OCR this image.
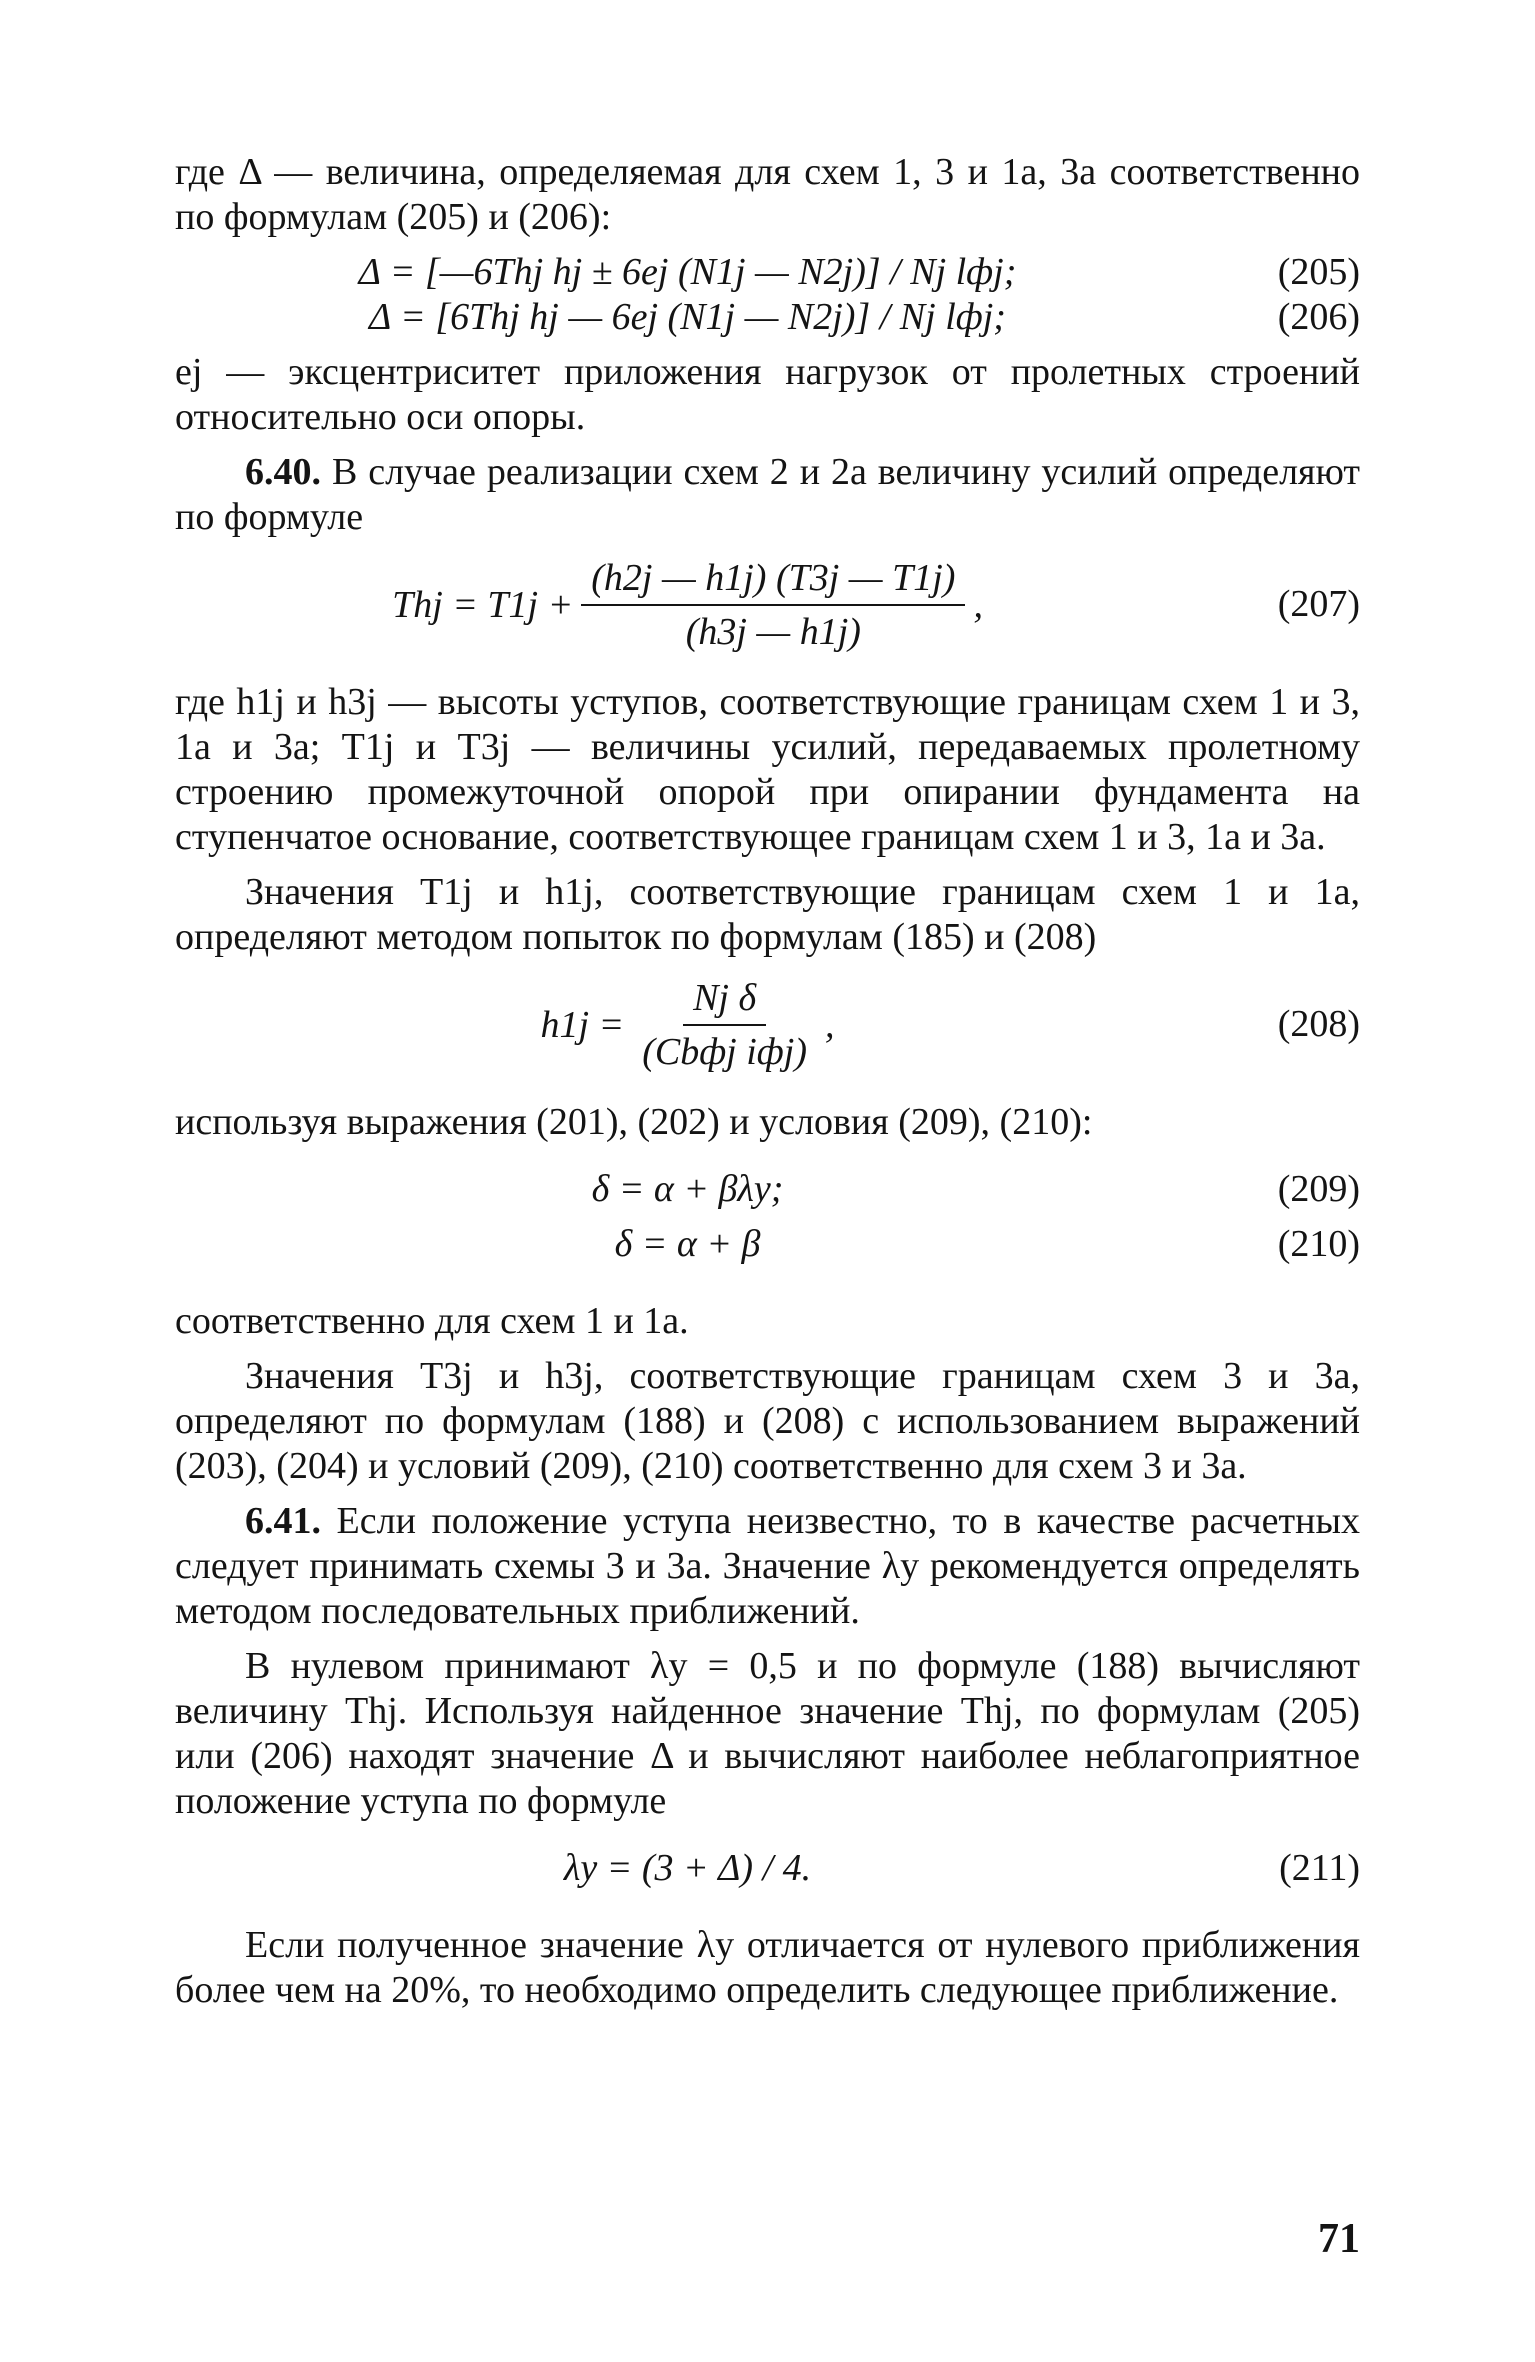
где Δ — величина, определяемая для схем 1, 3 и 1а, 3а соответственно по формулам (205) и (206):

Δ = [—6Thj hj ± 6ej (N1j — N2j)] / Nj lфj;	(205)
Δ = [6Thj hj — 6ej (N1j — N2j)] / Nj lфj;	(206)

ej — эксцентриситет приложения нагрузок от пролетных строений относительно оси опоры.

6.40. В случае реализации схем 2 и 2а величину усилий определяют по формуле

Thj = $T1j + \frac{(h2j — h1j) (T3j — T1j)}{(h3j — h1j)}$ ,	(207)

где h1j и h3j — высоты уступов, соответствующие границам схем 1 и 3, 1а и 3а; T1j и T3j — величины усилий, передаваемых пролетному строению промежуточной опорой при опирании фундамента на ступенчатое основание, соответствующее границам схем 1 и 3, 1а и 3а.

Значения T1j и h1j, соответствующие границам схем 1 и 1а, определяют методом попыток по формулам (185) и (208)

$h1j = \frac{\text{Nj δ}}{\text{(Cbфj iфj)}}$ ,	(208)

используя выражения (201), (202) и условия (209), (210):

δ = α + βλy;	(209)
δ = α + β	(210)

соответственно для схем 1 и 1а.

Значения T3j и h3j, соответствующие границам схем 3 и 3а, определяют по формулам (188) и (208) с использованием выражений (203), (204) и условий (209), (210) соответственно для схем 3 и 3а.

6.41. Если положение уступа неизвестно, то в качестве расчетных следует принимать схемы 3 и 3а. Значение λy рекомендуется определять методом последовательных приближений.

В нулевом принимают λy = 0,5 и по формуле (188) вычисляют величину Thj. Используя найденное значение Thj, по формулам (205) или (206) находят значение Δ и вычисляют наиболее неблагоприятное положение уступа по формуле

λy = (3 + Δ) / 4.	(211)

Если полученное значение λy отличается от нулевого приближения более чем на 20%, то необходимо определить следующее приближение.

71
